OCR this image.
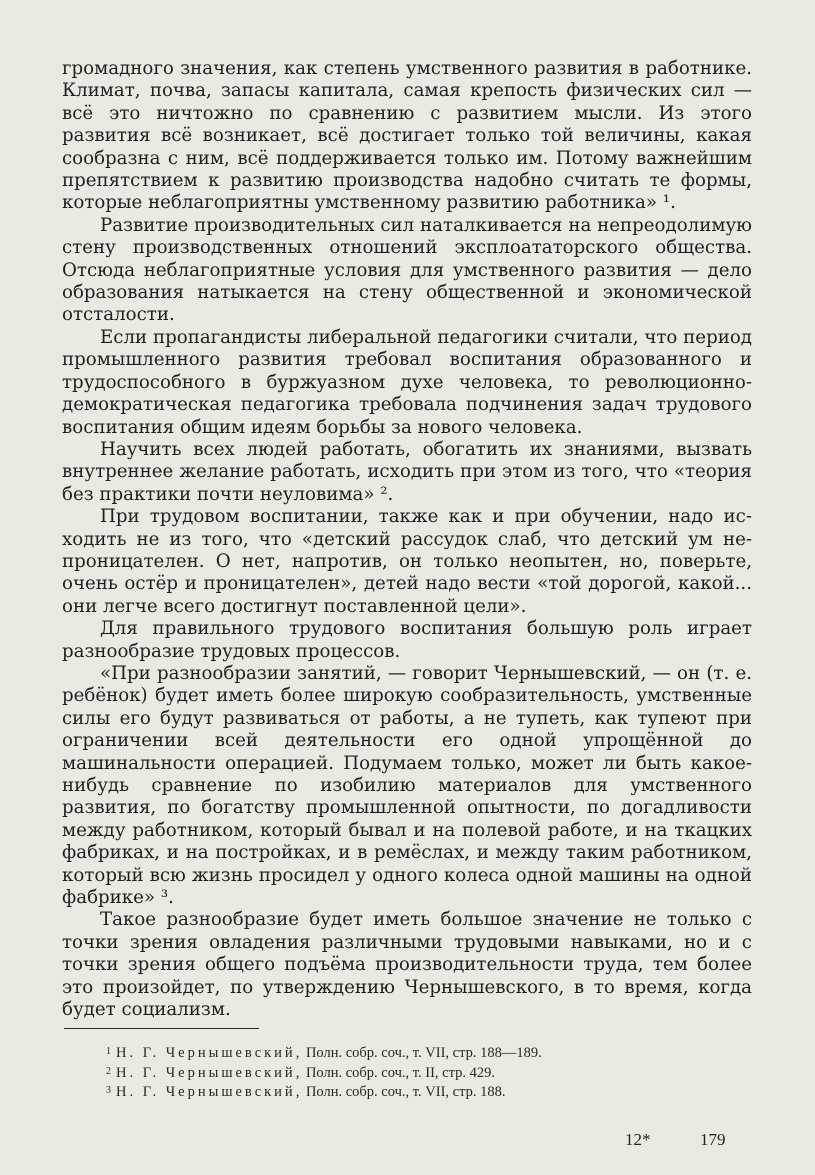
громадного значения, как степень умственного развития в работнике. Климат, почва, запасы капитала, самая крепость физических сил — всё это ничтожно по сравнению с развитием мысли. Из этого развития всё возникает, всё достигает только той величины, какая сообразна с ним, всё поддерживается только им. Потому важнейшим препятствием к развитию производства надобно считать те формы, которые неблагоприятны умственному развитию работника» ¹.

Развитие производительных сил наталкивается на непреодолимую стену производственных отношений эксплоататорского общества. Отсюда неблагоприятные условия для умственного развития — дело образования натыкается на стену общественной и экономической отсталости.

Если пропагандисты либеральной педагогики считали, что период промышленного развития требовал воспитания образованного и трудоспособного в буржуазном духе человека, то революционно-демократическая педагогика требовала подчинения задач трудового воспитания общим идеям борьбы за нового человека.

Научить всех людей работать, обогатить их знаниями, вызвать внутреннее желание работать, исходить при этом из того, что «теория без практики почти неуловима» ².

При трудовом воспитании, также как и при обучении, надо исходить не из того, что «детский рассудок слаб, что детский ум непроницателен. О нет, напротив, он только неопытен, но, поверьте, очень остёр и проницателен», детей надо вести «той дорогой, какой... они легче всего достигнут поставленной цели».

Для правильного трудового воспитания большую роль играет разнообразие трудовых процессов.

«При разнообразии занятий, — говорит Чернышевский, — он (т. е. ребёнок) будет иметь более широкую сообразительность, умственные силы его будут развиваться от работы, а не тупеть, как тупеют при ограничении всей деятельности его одной упрощённой до машинальности операцией. Подумаем только, может ли быть какое-нибудь сравнение по изобилию материалов для умственного развития, по богатству промышленной опытности, по догадливости между работником, который бывал и на полевой работе, и на ткацких фабриках, и на постройках, и в ремёслах, и между таким работником, который всю жизнь просидел у одного колеса одной машины на одной фабрике» ³.

Такое разнообразие будет иметь большое значение не только с точки зрения овладения различными трудовыми навыками, но и с точки зрения общего подъёма производительности труда, тем более это произойдет, по утверждению Чернышевского, в то время, когда будет социализм.

$^1$ Н. Г. Чернышевский, Полн. собр. соч., т. VII, стр. 188—189.

$^2$ Н. Г. Чернышевский, Полн. собр. соч., т. II, стр. 429.

$^3$ Н. Г. Чернышевский, Полн. собр. соч., т. VII, стр. 188.

12*	179
